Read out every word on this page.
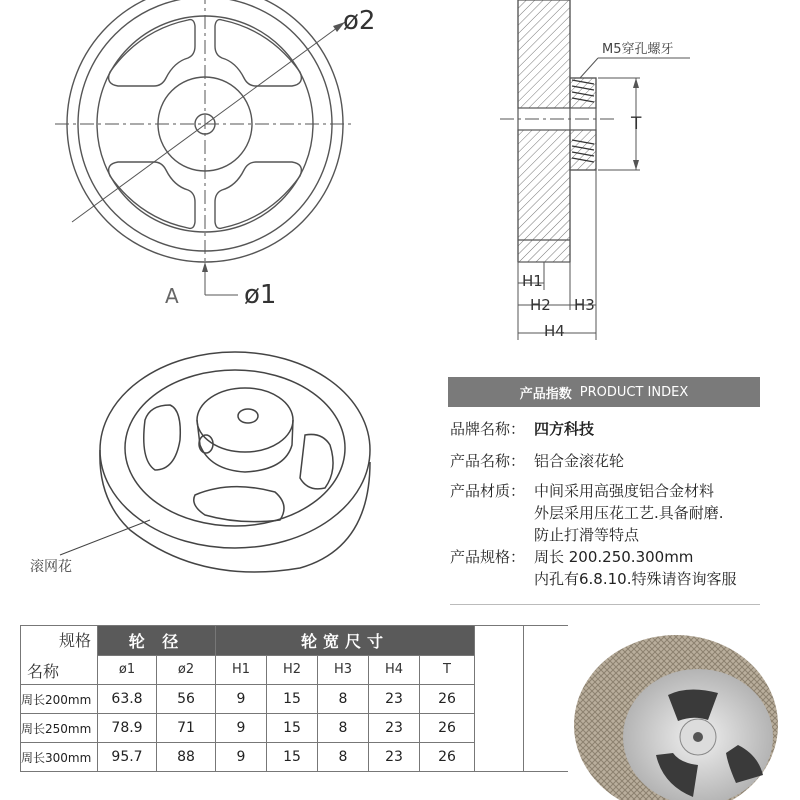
ø2
ø1
A
M5穿孔螺牙
T
H1
H2 H3
H4
滚网花
产品指数 PRODUCT INDEX
品牌名称： 四方科技
产品名称： 铝合金滚花轮
产品材质： 中间采用高强度铝合金材料
外层采用压花工艺.具备耐磨.
防止打滑等特点
产品规格： 周长 200.250.300mm
内孔有6.8.10.特殊请咨询客服
规格
名称	轮 径		轮宽尺寸						
	ø1	ø2	H1	H2	H3	H4	T		
周长200mm	63.8	56	9	15	8	23	26		
周长250mm	78.9	71	9	15	8	23	26		
周长300mm	95.7	88	9	15	8	23	26		
